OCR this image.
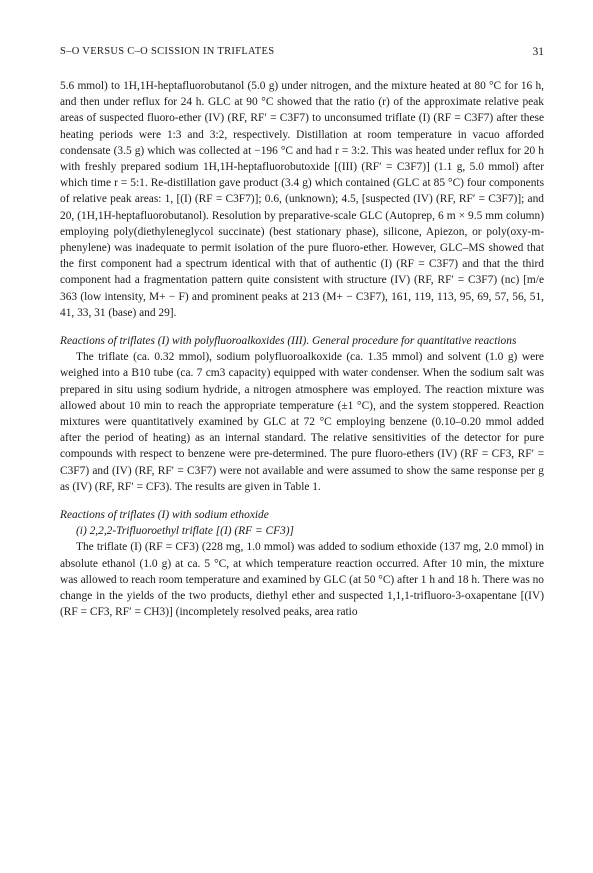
S–O VERSUS C–O SCISSION IN TRIFLATES	31

5.6 mmol) to 1H,1H-heptafluorobutanol (5.0 g) under nitrogen, and the mixture heated at 80 °C for 16 h, and then under reflux for 24 h. GLC at 90 °C showed that the ratio (r) of the approximate relative peak areas of suspected fluoro-ether (IV) (RF, RF′ = C3F7) to unconsumed triflate (I) (RF = C3F7) after these heating periods were 1:3 and 3:2, respectively. Distillation at room temperature in vacuo afforded condensate (3.5 g) which was collected at −196 °C and had r = 3:2. This was heated under reflux for 20 h with freshly prepared sodium 1H,1H-heptafluorobutoxide [(III) (RF′ = C3F7)] (1.1 g, 5.0 mmol) after which time r = 5:1. Re-distillation gave product (3.4 g) which contained (GLC at 85 °C) four components of relative peak areas: 1, [(I) (RF = C3F7)]; 0.6, (unknown); 4.5, [suspected (IV) (RF, RF′ = C3F7)]; and 20, (1H,1H-heptafluorobutanol). Resolution by preparative-scale GLC (Autoprep, 6 m × 9.5 mm column) employing poly(diethyleneglycol succinate) (best stationary phase), silicone, Apiezon, or poly(oxy-m-phenylene) was inadequate to permit isolation of the pure fluoro-ether. However, GLC–MS showed that the first component had a spectrum identical with that of authentic (I) (RF = C3F7) and that the third component had a fragmentation pattern quite consistent with structure (IV) (RF, RF′ = C3F7) (nc) [m/e 363 (low intensity, M+ − F) and prominent peaks at 213 (M+ − C3F7), 161, 119, 113, 95, 69, 57, 56, 51, 41, 33, 31 (base) and 29].

Reactions of triflates (I) with polyfluoroalkoxides (III). General procedure for quantitative reactions

The triflate (ca. 0.32 mmol), sodium polyfluoroalkoxide (ca. 1.35 mmol) and solvent (1.0 g) were weighed into a B10 tube (ca. 7 cm3 capacity) equipped with water condenser. When the sodium salt was prepared in situ using sodium hydride, a nitrogen atmosphere was employed. The reaction mixture was allowed about 10 min to reach the appropriate temperature (±1 °C), and the system stoppered. Reaction mixtures were quantitatively examined by GLC at 72 °C employing benzene (0.10–0.20 mmol added after the period of heating) as an internal standard. The relative sensitivities of the detector for pure compounds with respect to benzene were pre-determined. The pure fluoro-ethers (IV) (RF = CF3, RF′ = C3F7) and (IV) (RF, RF′ = C3F7) were not available and were assumed to show the same response per g as (IV) (RF, RF′ = CF3). The results are given in Table 1.

Reactions of triflates (I) with sodium ethoxide

(i) 2,2,2-Trifluoroethyl triflate [(I) (RF = CF3)]

The triflate (I) (RF = CF3) (228 mg, 1.0 mmol) was added to sodium ethoxide (137 mg, 2.0 mmol) in absolute ethanol (1.0 g) at ca. 5 °C, at which temperature reaction occurred. After 10 min, the mixture was allowed to reach room temperature and examined by GLC (at 50 °C) after 1 h and 18 h. There was no change in the yields of the two products, diethyl ether and suspected 1,1,1-trifluoro-3-oxapentane [(IV) (RF = CF3, RF′ = CH3)] (incompletely resolved peaks, area ratio
